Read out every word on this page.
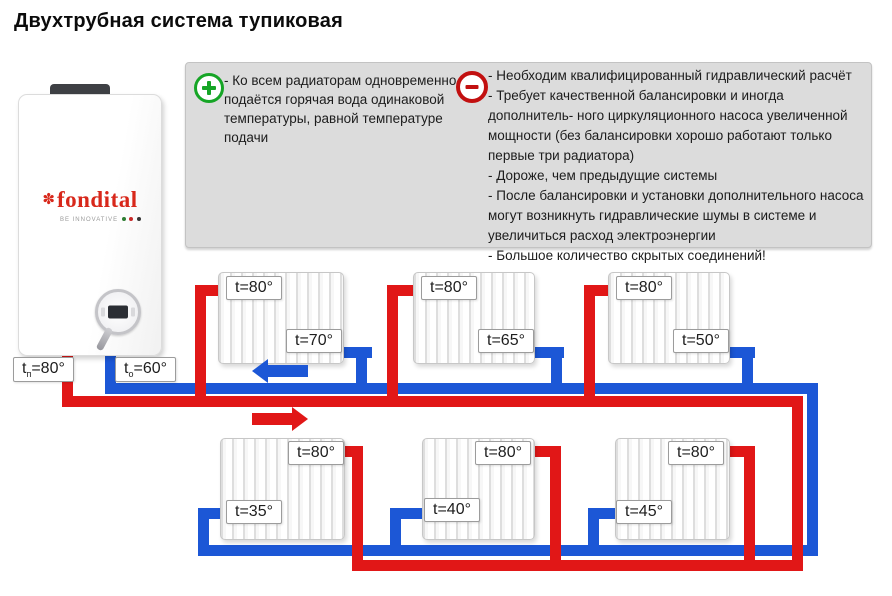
Двухтрубная система тупиковая
- Ко всем радиаторам одновременно подаётся горячая вода одинаковой температуры, равной температуре подачи
- Необходим квалифицированный гидравлический расчёт
- Требует качественной балансировки и иногда дополнитель- ного циркуляционного насоса увеличенной мощности (без балансировки хорошо работают только первые три радиатора)
- Дороже, чем предыдущие системы
- После балансировки и установки дополнительного насоса могут возникнуть гидравлические шумы в системе и увеличиться расход электроэнергии
- Большое количество скрытых соединений!
✽fondital
BE INNOVATIVE
$t_п=80^\circ$	$t_о=60^\circ$
t=80°
t=70°
t=80°
t=65°
t=80°
t=50°
t=80°
t=35°
t=80°
t=40°
t=80°
t=45°
